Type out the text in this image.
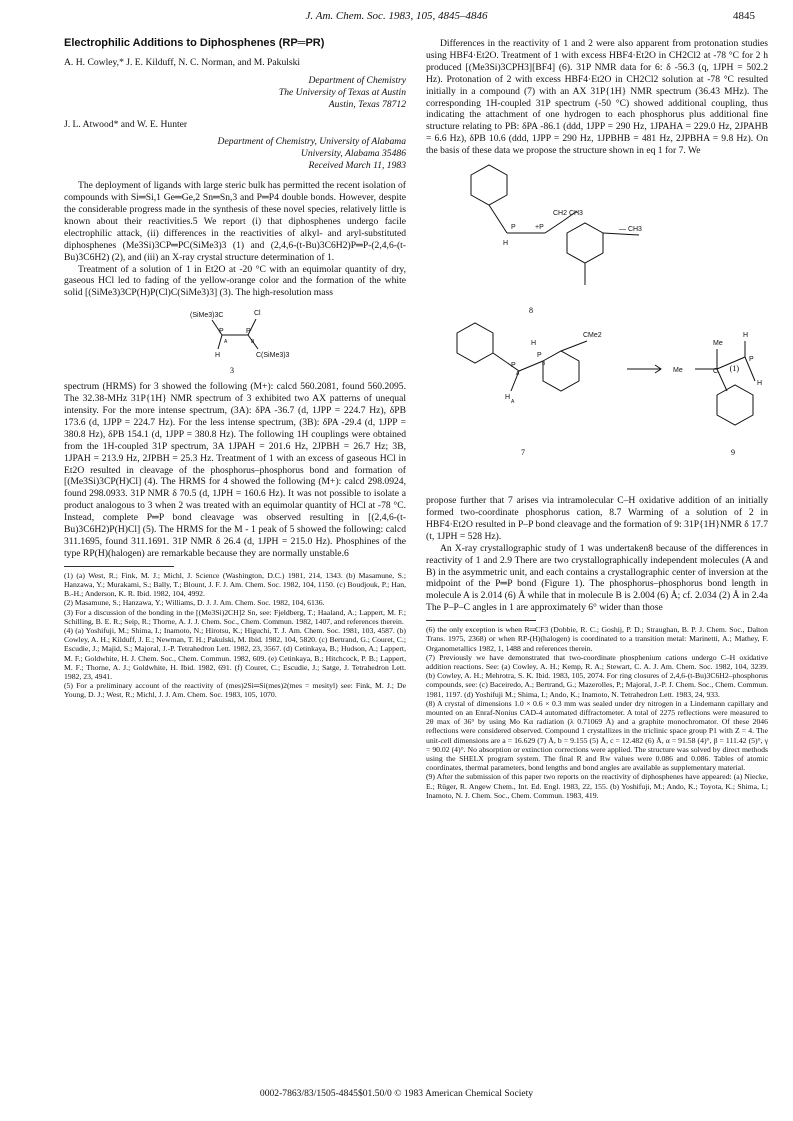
J. Am. Chem. Soc. 1983, 105, 4845–4846	4845

Electrophilic Additions to Diphosphenes (RP═PR)

A. H. Cowley,* J. E. Kilduff, N. C. Norman, and M. Pakulski

Department of Chemistry
The University of Texas at Austin
Austin, Texas 78712

J. L. Atwood* and W. E. Hunter

Department of Chemistry, University of Alabama
University, Alabama 35486
Received March 11, 1983

The deployment of ligands with large steric bulk has permitted the recent isolation of compounds with Si═Si,1 Ge═Ge,2 Sn═Sn,3 and P═P4 double bonds. However, despite the considerable progress made in the synthesis of these novel species, relatively little is known about their reactivities.5 We report (i) that diphosphenes undergo facile electrophilic attack, (ii) differences in the reactivities of alkyl- and aryl-substituted diphosphenes (Me3Si)3CP═PC(SiMe3)3 (1) and (2,4,6-(t-Bu)3C6H2)P═P-(2,4,6-(t-Bu)3C6H2) (2), and (iii) an X-ray crystal structure determination of 1.

Treatment of a solution of 1 in Et2O at -20 °C with an equimolar quantity of dry, gaseous HCl led to fading of the yellow-orange color and the formation of the white solid [(SiMe3)3CP(H)P(Cl)C(SiMe3)3] (3). The high-resolution mass

(SiMe3)3C	Cl
P
A
P
B
H	C(SiMe3)3
3

spectrum (HRMS) for 3 showed the following (M+): calcd 560.2081, found 560.2095. The 32.38-MHz 31P{1H} NMR spectrum of 3 exhibited two AX patterns of unequal intensity. For the more intense spectrum, (3A): δPA -36.7 (d, 1JPP = 224.7 Hz), δPB 173.6 (d, 1JPP = 224.7 Hz). For the less intense spectrum, (3B): δPA -29.4 (d, 1JPP = 380.8 Hz), δPB 154.1 (d, 1JPP = 380.8 Hz). The following 1H couplings were obtained from the 1H-coupled 31P spectrum, 3A 1JPAH = 201.6 Hz, 2JPBH = 26.7 Hz; 3B, 1JPAH = 213.9 Hz, 2JPBH = 25.3 Hz. Treatment of 1 with an excess of gaseous HCl in Et2O resulted in cleavage of the phosphorus–phosphorus bond and formation of [(Me3Si)3CP(H)Cl] (4). The HRMS for 4 showed the following (M+): calcd 298.0924, found 298.0933. 31P NMR δ 70.5 (d, 1JPH = 160.6 Hz). It was not possible to isolate a product analogous to 3 when 2 was treated with an equimolar quantity of HCl at -78 °C. Instead, complete P═P bond cleavage was observed resulting in [(2,4,6-(t-Bu)3C6H2)P(H)Cl] (5). The HRMS for the M - 1 peak of 5 showed the following: calcd 311.1695, found 311.1691. 31P NMR δ 26.4 (d, 1JPH = 215.0 Hz). Phosphines of the type RP(H)(halogen) are remarkable because they are normally unstable.6

(1) (a) West, R.; Fink, M. J.; Michl, J. Science (Washington, D.C.) 1981, 214, 1343. (b) Masamune, S.; Hanzawa, Y.; Murakami, S.; Bally, T.; Blount, J. F. J. Am. Chem. Soc. 1982, 104, 1150. (c) Boudjouk, P.; Han, B.-H.; Anderson, K. R. Ibid. 1982, 104, 4992.

(2) Masamune, S.; Hanzawa, Y.; Williams, D. J. J. Am. Chem. Soc. 1982, 104, 6136.

(3) For a discussion of the bonding in the [(Me3Si)2CH]2 Sn, see: Fjeldberg, T.; Haaland, A.; Lappert, M. F.; Schilling, B. E. R.; Seip, R.; Thorne, A. J. J. Chem. Soc., Chem. Commun. 1982, 1407, and references therein.

(4) (a) Yoshifuji, M.; Shima, I.; Inamoto, N.; Hirotsu, K.; Higuchi, T. J. Am. Chem. Soc. 1981, 103, 4587. (b) Cowley, A. H.; Kilduff, J. E.; Newman, T. H.; Pakulski, M. Ibid. 1982, 104, 5820. (c) Bertrand, G.; Couret, C.; Escudie, J.; Majid, S.; Majoral, J.-P. Tetrahedron Lett. 1982, 23, 3567. (d) Cetinkaya, B.; Hudson, A.; Lappert, M. F.; Goldwhite, H. J. Chem. Soc., Chem. Commun. 1982, 609. (e) Cetinkaya, B.; Hitchcock, P. B.; Lappert, M. F.; Thorne, A. J.; Goldwhite, H. Ibid. 1982, 691. (f) Couret, C.; Escudie, J.; Satge, J. Tetrahedron Lett. 1982, 23, 4941.

(5) For a preliminary account of the reactivity of (mes)2Si═Si(mes)2(mes = mesityl) see: Fink, M. J.; De Young, D. J.; West, R.; Michl, J. J. Am. Chem. Soc. 1983, 105, 1070.

Differences in the reactivity of 1 and 2 were also apparent from protonation studies using HBF4·Et2O. Treatment of 1 with excess HBF4·Et2O in CH2Cl2 at -78 °C for 2 h produced [(Me3Si)3CPH3][BF4] (6). 31P NMR data for 6: δ -56.3 (q, 1JPH = 502.2 Hz). Protonation of 2 with excess HBF4·Et2O in CH2Cl2 solution at -78 °C resulted initially in a compound (7) with an AX 31P{1H} NMR spectrum (36.43 MHz). The corresponding 1H-coupled 31P spectrum (-50 °C) showed additional coupling, thus indicating the attachment of one hydrogen to each phosphorus plus additional fine structure relating to PB: δPA -86.1 (ddd, 1JPP = 290 Hz, 1JPAHA = 229.0 Hz, 2JPAHB = 6.6 Hz), δPB 10.6 (ddd, 1JPP = 290 Hz, 1JPBHB = 481 Hz, 2JPBHA = 9.8 Hz). On the basis of these data we propose the structure shown in eq 1 for 7. We

P	+P
H
CH2 CH3
— CH3
P
A
P
B
H
H
A
CMe2
Me
Me
C
H
P
H
8
7	9
(1)

propose further that 7 arises via intramolecular C–H oxidative addition of an initially formed two-coordinate phosphorus cation, 8.7 Warming of a solution of 2 in HBF4·Et2O resulted in P–P bond cleavage and the formation of 9: 31P{1H}NMR δ 17.7 (t, 1JPH = 528 Hz).

An X-ray crystallographic study of 1 was undertaken8 because of the differences in reactivity of 1 and 2.9 There are two crystallographically independent molecules (A and B) in the asymmetric unit, and each contains a crystallographic center of inversion at the midpoint of the P═P bond (Figure 1). The phosphorus–phosphorus bond length in molecule A is 2.014 (6) Å while that in molecule B is 2.004 (6) Å; cf. 2.034 (2) Å in 2.4a The P–P–C angles in 1 are approximately 6° wider than those

(6) the only exception is when R═CF3 (Dobbie, R. C.; Goshij, P. D.; Straughan, B. P. J. Chem. Soc., Dalton Trans. 1975, 2368) or when RP-(H)(halogen) is coordinated to a transition metal: Marinetti, A.; Mathey, F. Organometallics 1982, 1, 1488 and references therein.

(7) Previously we have demonstrated that two-coordinate phosphenium cations undergo C–H oxidative addition reactions. See: (a) Cowley, A. H.; Kemp, R. A.; Stewart, C. A. J. Am. Chem. Soc. 1982, 104, 3239. (b) Cowley, A. H.; Mehrotra, S. K. Ibid. 1983, 105, 2074. For ring closures of 2,4,6-(t-Bu)3C6H2–phosphorus compounds, see: (c) Baceiredo, A.; Bertrand, G.; Mazerolles, P.; Majoral, J.-P. J. Chem. Soc., Chem. Commun. 1981, 1197. (d) Yoshifuji M.; Shima, I.; Ando, K.; Inamoto, N. Tetrahedron Lett. 1983, 24, 933.

(8) A crystal of dimensions 1.0 × 0.6 × 0.3 mm was sealed under dry nitrogen in a Lindemann capillary and mounted on an Enraf-Nonius CAD-4 automated diffractometer. A total of 2275 reflections were measured to 2θ max of 36° by using Mo Kα radiation (λ 0.71069 Å) and a graphite monochromator. Of these 2046 reflections were considered observed. Compound 1 crystallizes in the triclinic space group P1 with Z = 4. The unit-cell dimensions are a = 16.629 (7) Å, b = 9.155 (5) Å, c = 12.482 (6) Å, α = 91.58 (4)°, β = 111.42 (5)°, γ = 90.02 (4)°. No absorption or extinction corrections were applied. The structure was solved by direct methods using the SHELX program system. The final R and Rw values were 0.086 and 0.086. Tables of atomic coordinates, thermal parameters, bond lengths and bond angles are available as supplementary material.

(9) After the submission of this paper two reports on the reactivity of diphosphenes have appeared: (a) Niecke, E.; Rüger, R. Angew Chem., Int. Ed. Engl. 1983, 22, 155. (b) Yoshifuji, M.; Ando, K.; Toyota, K.; Shima, I.; Inamoto, N. J. Chem. Soc., Chem. Commun. 1983, 419.

0002-7863/83/1505-4845$01.50/0 © 1983 American Chemical Society
